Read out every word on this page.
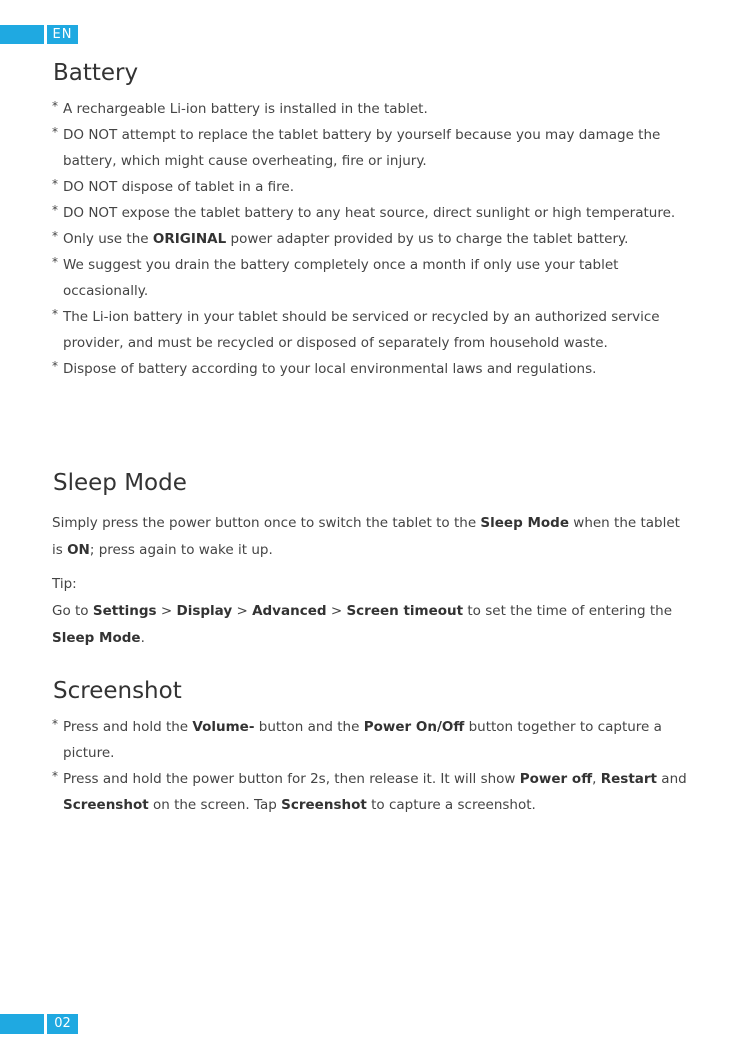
EN
Battery
* A rechargeable Li-ion battery is installed in the tablet.
* DO NOT attempt to replace the tablet battery by yourself because you may damage the battery, which might cause overheating, fire or injury.
* DO NOT dispose of tablet in a fire.
* DO NOT expose the tablet battery to any heat source, direct sunlight or high temperature.
* Only use the ORIGINAL power adapter provided by us to charge the tablet battery.
* We suggest you drain the battery completely once a month if only use your tablet occasionally.
* The Li-ion battery in your tablet should be serviced or recycled by an authorized service provider, and must be recycled or disposed of separately from household waste.
* Dispose of battery according to your local environmental laws and regulations.
Sleep Mode

Simply press the power button once to switch the tablet to the Sleep Mode when the tablet is ON; press again to wake it up.

Tip:

Go to Settings > Display > Advanced > Screen timeout to set the time of entering the Sleep Mode.

Screenshot
* Press and hold the Volume- button and the Power On/Off button together to capture a picture.
* Press and hold the power button for 2s, then release it. It will show Power off, Restart and Screenshot on the screen. Tap Screenshot to capture a screenshot.
02
